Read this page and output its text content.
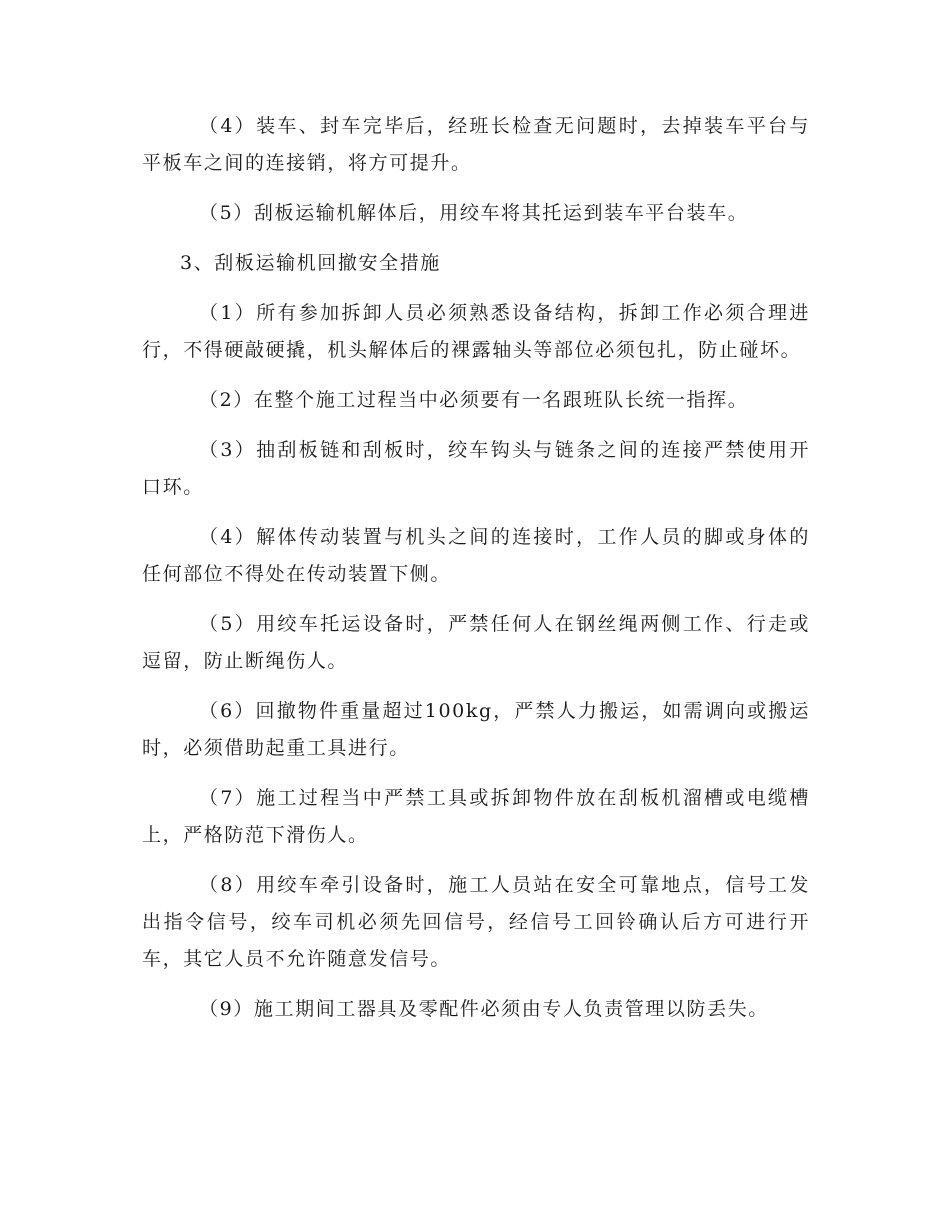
（4）装车、封车完毕后，经班长检查无问题时，去掉装车平台与平板车之间的连接销，将方可提升。

（5）刮板运输机解体后，用绞车将其托运到装车平台装车。

3、刮板运输机回撤安全措施

（1）所有参加拆卸人员必须熟悉设备结构，拆卸工作必须合理进行，不得硬敲硬撬，机头解体后的裸露轴头等部位必须包扎，防止碰坏。

（2）在整个施工过程当中必须要有一名跟班队长统一指挥。

（3）抽刮板链和刮板时，绞车钩头与链条之间的连接严禁使用开口环。

（4）解体传动装置与机头之间的连接时，工作人员的脚或身体的任何部位不得处在传动装置下侧。

（5）用绞车托运设备时，严禁任何人在钢丝绳两侧工作、行走或逗留，防止断绳伤人。

（6）回撤物件重量超过100kg，严禁人力搬运，如需调向或搬运时，必须借助起重工具进行。

（7）施工过程当中严禁工具或拆卸物件放在刮板机溜槽或电缆槽上，严格防范下滑伤人。

（8）用绞车牵引设备时，施工人员站在安全可靠地点，信号工发出指令信号，绞车司机必须先回信号，经信号工回铃确认后方可进行开车，其它人员不允许随意发信号。

（9）施工期间工器具及零配件必须由专人负责管理以防丢失。
